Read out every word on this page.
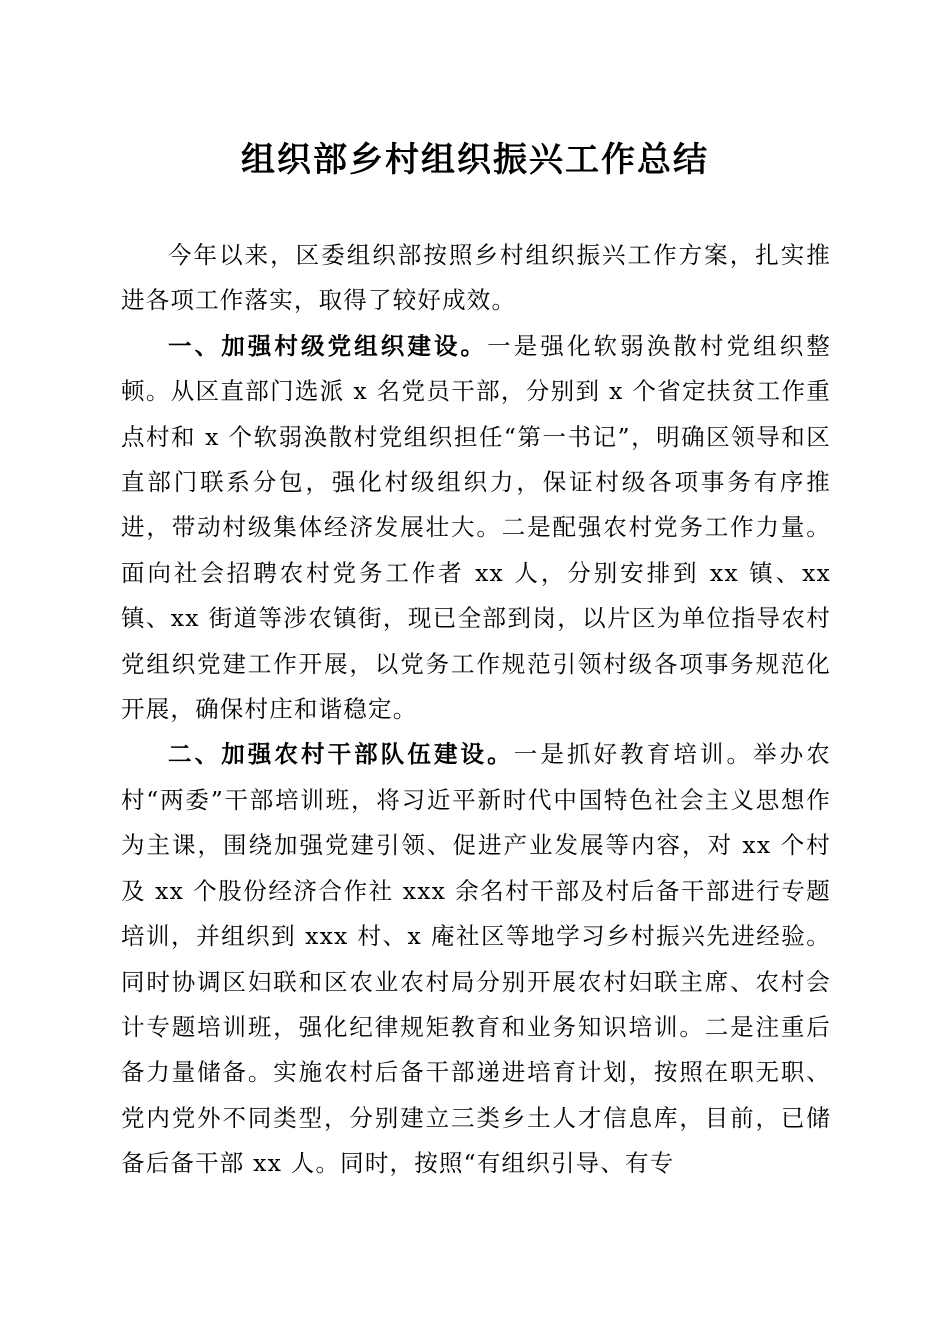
组织部乡村组织振兴工作总结

今年以来，区委组织部按照乡村组织振兴工作方案，扎实推进各项工作落实，取得了较好成效。

一、加强村级党组织建设。一是强化软弱涣散村党组织整顿。从区直部门选派 x 名党员干部，分别到 x 个省定扶贫工作重点村和 x 个软弱涣散村党组织担任“第一书记”，明确区领导和区直部门联系分包，强化村级组织力，保证村级各项事务有序推进，带动村级集体经济发展壮大。二是配强农村党务工作力量。面向社会招聘农村党务工作者 xx 人，分别安排到 xx 镇、xx 镇、xx 街道等涉农镇街，现已全部到岗，以片区为单位指导农村党组织党建工作开展，以党务工作规范引领村级各项事务规范化开展，确保村庄和谐稳定。

二、加强农村干部队伍建设。一是抓好教育培训。举办农村“两委”干部培训班，将习近平新时代中国特色社会主义思想作为主课，围绕加强党建引领、促进产业发展等内容，对 xx 个村及 xx 个股份经济合作社 xxx 余名村干部及村后备干部进行专题培训，并组织到 xxx 村、x 庵社区等地学习乡村振兴先进经验。同时协调区妇联和区农业农村局分别开展农村妇联主席、农村会计专题培训班，强化纪律规矩教育和业务知识培训。二是注重后备力量储备。实施农村后备干部递进培育计划，按照在职无职、党内党外不同类型，分别建立三类乡土人才信息库，目前，已储备后备干部 xx 人。同时，按照“有组织引导、有专
